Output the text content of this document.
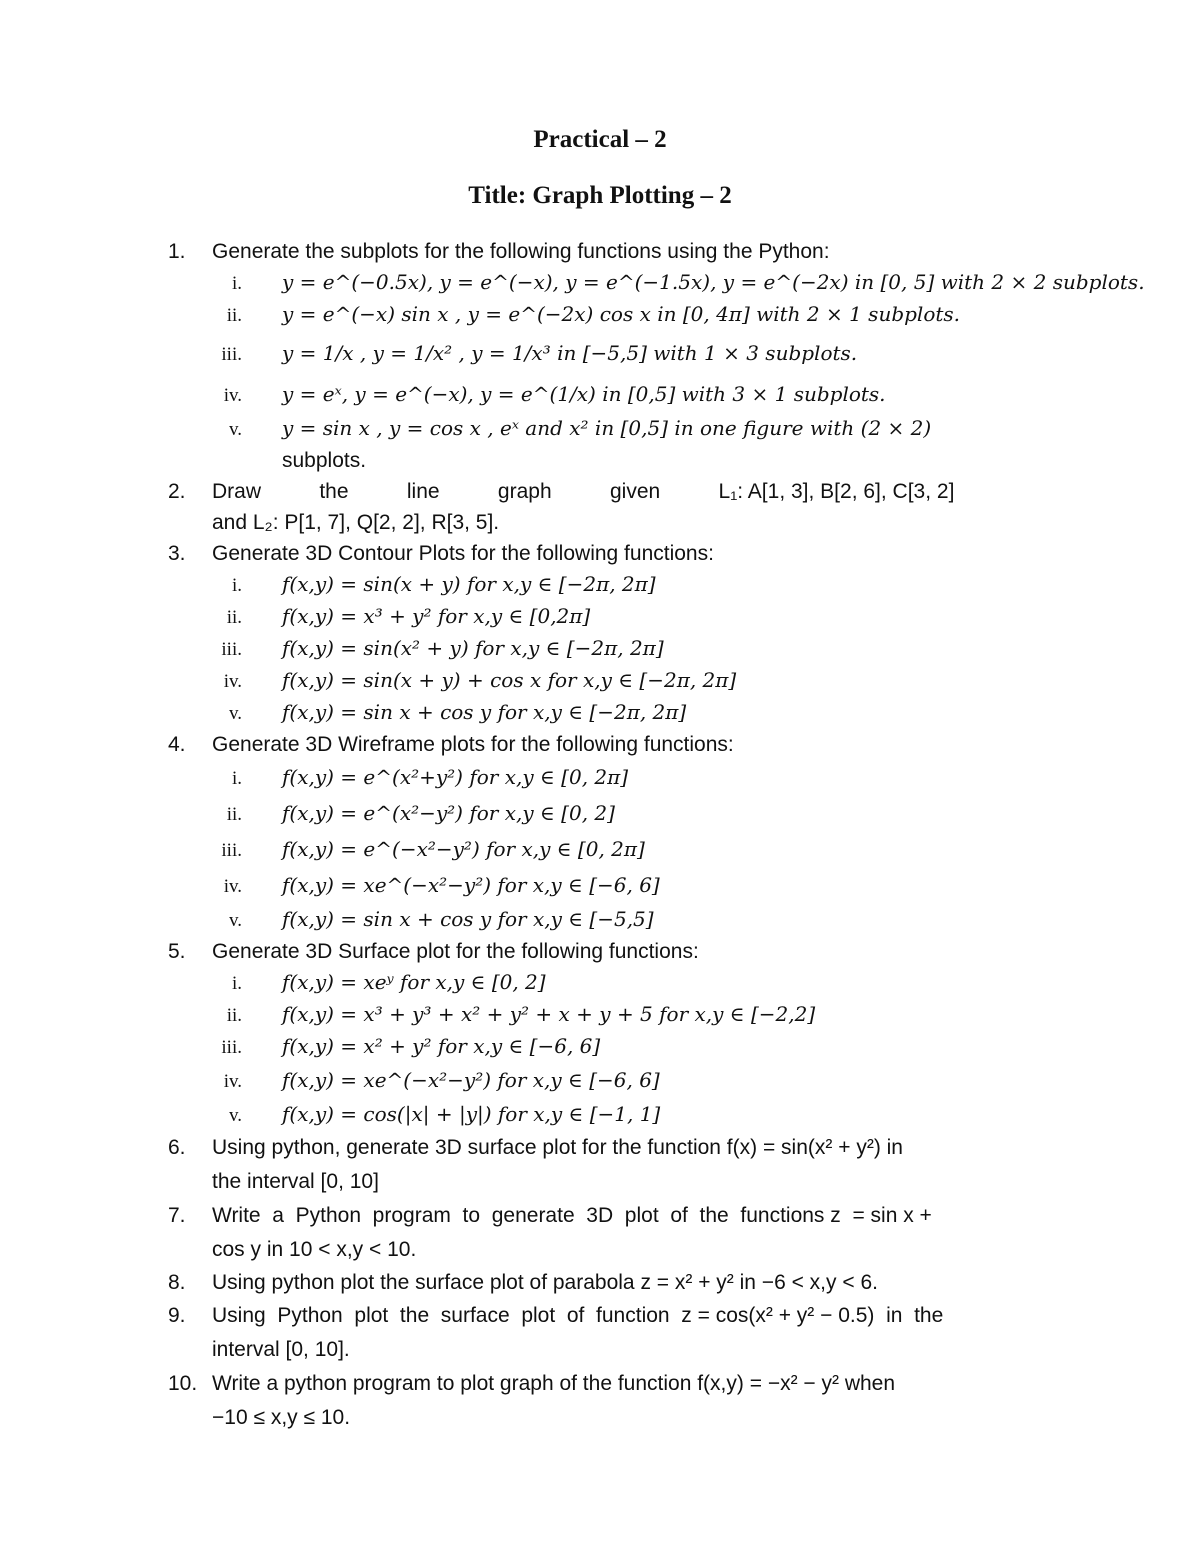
Practical – 2
Title: Graph Plotting – 2
1.	Generate the subplots for the following functions using the Python:
i.	y = e^(−0.5x), y = e^(−x), y = e^(−1.5x), y = e^(−2x) in [0, 5] with 2 × 2 subplots.
ii.	y = e^(−x) sin x , y = e^(−2x) cos x in [0, 4π] with 2 × 1 subplots.
iii.	y = 1/x , y = 1/x² , y = 1/x³ in [−5,5] with 1 × 3 subplots.
iv.	y = eˣ, y = e^(−x), y = e^(1/x) in [0,5] with 3 × 1 subplots.
v.	y = sin x , y = cos x , eˣ and x² in [0,5] in one figure with (2 × 2)
subplots.
2.	Draw          the          line          graph          given          L₁: A[1, 3], B[2, 6], C[3, 2]
and L₂: P[1, 7], Q[2, 2], R[3, 5].
3.	Generate 3D Contour Plots for the following functions:
i.	f(x,y) = sin(x + y) for x,y ∈ [−2π, 2π]
ii.	f(x,y) = x³ + y² for x,y ∈ [0,2π]
iii.	f(x,y) = sin(x² + y) for x,y ∈ [−2π, 2π]
iv.	f(x,y) = sin(x + y) + cos x for x,y ∈ [−2π, 2π]
v.	f(x,y) = sin x + cos y for x,y ∈ [−2π, 2π]
4.	Generate 3D Wireframe plots for the following functions:
i.	f(x,y) = e^(x²+y²) for x,y ∈ [0, 2π]
ii.	f(x,y) = e^(x²−y²) for x,y ∈ [0, 2]
iii.	f(x,y) = e^(−x²−y²) for x,y ∈ [0, 2π]
iv.	f(x,y) = xe^(−x²−y²) for x,y ∈ [−6, 6]
v.	f(x,y) = sin x + cos y for x,y ∈ [−5,5]
5.	Generate 3D Surface plot for the following functions:
i.	f(x,y) = xeʸ for x,y ∈ [0, 2]
ii.	f(x,y) = x³ + y³ + x² + y² + x + y + 5 for x,y ∈ [−2,2]
iii.	f(x,y) = x² + y² for x,y ∈ [−6, 6]
iv.	f(x,y) = xe^(−x²−y²) for x,y ∈ [−6, 6]
v.	f(x,y) = cos(|x| + |y|) for x,y ∈ [−1, 1]
6.	Using python, generate 3D surface plot for the function f(x) = sin(x² + y²) in
the interval [0, 10]
7.	Write  a  Python  program  to  generate  3D  plot  of  the  functions z  = sin x +
cos y in 10 < x,y < 10.
8.	Using python plot the surface plot of parabola z = x² + y² in −6 < x,y < 6.
9.	Using  Python  plot  the  surface  plot  of  function  z = cos(x² + y² − 0.5)  in  the
interval [0, 10].
10. Write a python program to plot graph of the function f(x,y) = −x² − y² when
−10 ≤ x,y ≤ 10.
